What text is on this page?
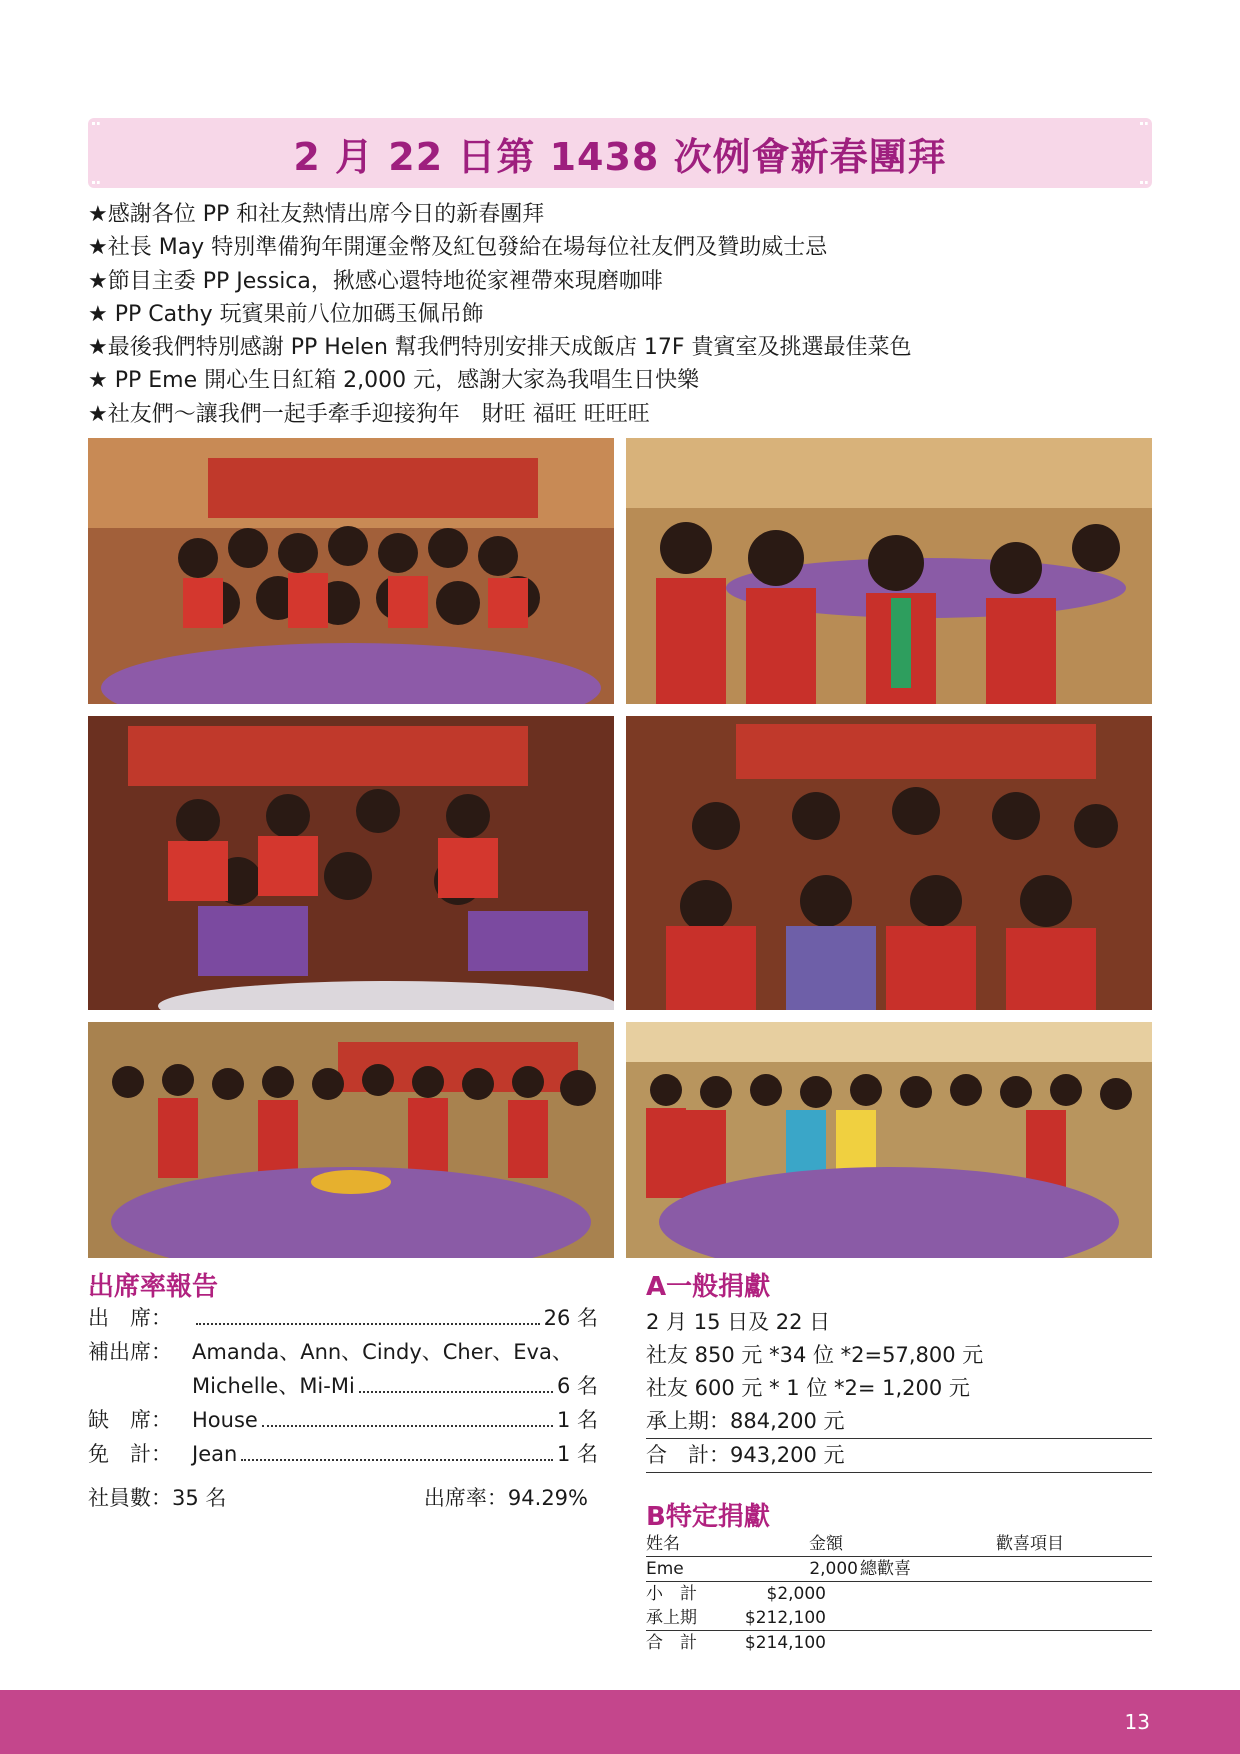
2 月 22 日第 1438 次例會新春團拜
★感謝各位 PP 和社友熱情出席今日的新春團拜
★社長 May 特別準備狗年開運金幣及紅包發給在場每位社友們及贊助威士忌
★節目主委 PP Jessica，揪感心還特地從家裡帶來現磨咖啡
★ PP Cathy 玩賓果前八位加碼玉佩吊飾
★最後我們特別感謝 PP Helen 幫我們特別安排天成飯店 17F 貴賓室及挑選最佳菜色
★ PP Eme 開心生日紅箱 2,000 元，感謝大家為我唱生日快樂
★社友們～讓我們一起手牽手迎接狗年　財旺 福旺 旺旺旺
出席率報告
出　席：	26 名
補出席： Amanda、Ann、Cindy、Cher、Eva、
Michelle、Mi-Mi	6 名
缺　席： House	1 名
免　計： Jean	1 名
社員數：35 名	出席率：94.29%
A一般捐獻
2 月 15 日及 22 日
社友 850 元 *34 位 *2=57,800 元
社友 600 元 * 1 位 *2= 1,200 元
承上期：884,200 元
合　計：943,200 元
B特定捐獻
姓名	金額	歡喜項目
Eme	2,000 總歡喜
小　計	$2,000
承上期	$212,100
合　計	$214,100
13
